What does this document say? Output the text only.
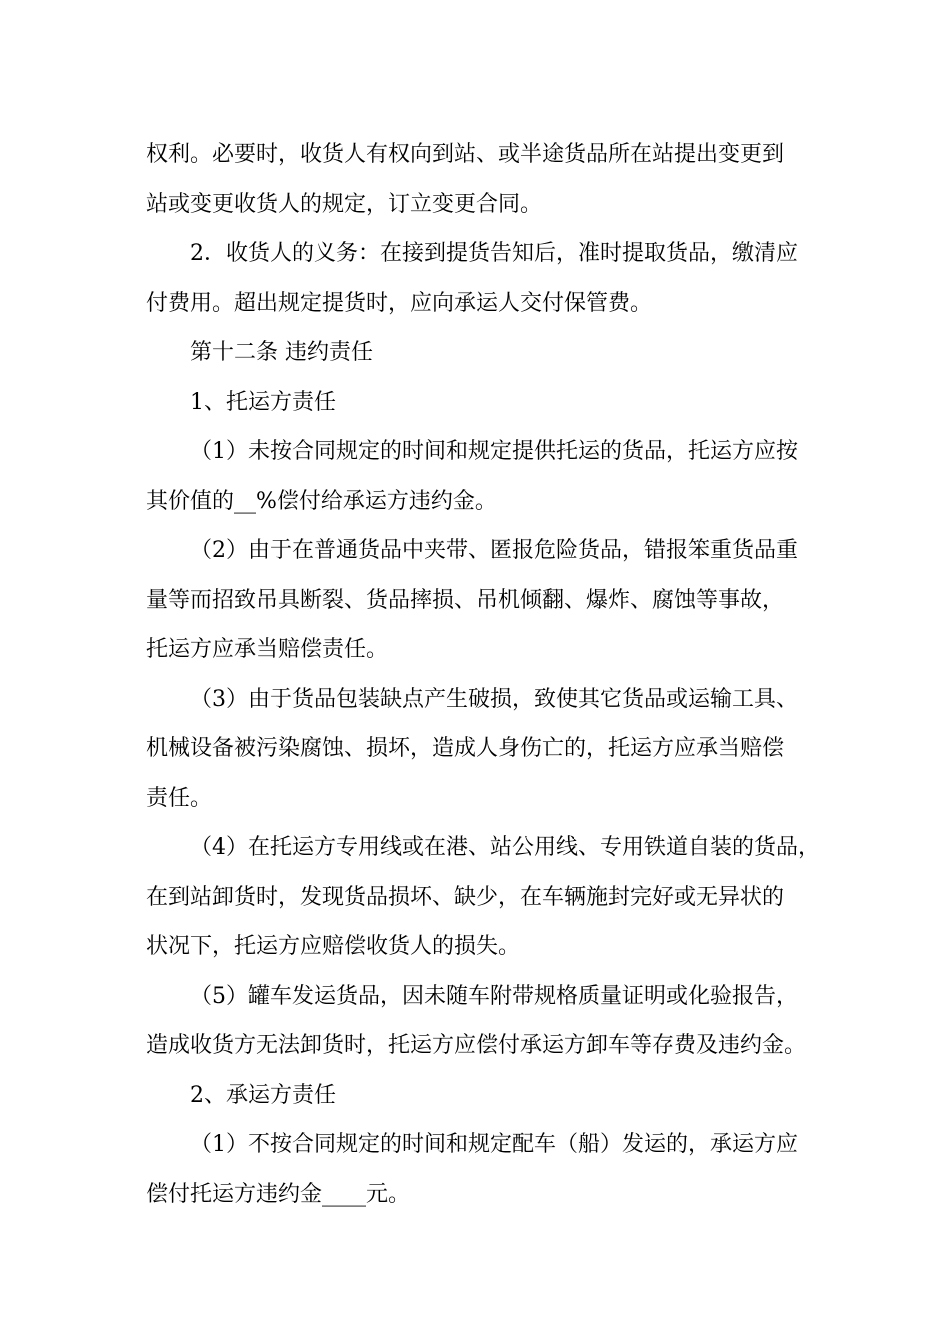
权利。必要时，收货人有权向到站、或半途货品所在站提出变更到
站或变更收货人的规定，订立变更合同。
2．收货人的义务：在接到提货告知后，准时提取货品，缴清应
付费用。超出规定提货时，应向承运人交付保管费。
第十二条 违约责任
1、托运方责任
（1）未按合同规定的时间和规定提供托运的货品，托运方应按
其价值的__%偿付给承运方违约金。
（2）由于在普通货品中夹带、匿报危险货品，错报笨重货品重
量等而招致吊具断裂、货品摔损、吊机倾翻、爆炸、腐蚀等事故，
托运方应承当赔偿责任。
（3）由于货品包装缺点产生破损，致使其它货品或运输工具、
机械设备被污染腐蚀、损坏，造成人身伤亡的，托运方应承当赔偿
责任。
（4）在托运方专用线或在港、站公用线、专用铁道自装的货品，
在到站卸货时，发现货品损坏、缺少，在车辆施封完好或无异状的
状况下，托运方应赔偿收货人的损失。
（5）罐车发运货品，因未随车附带规格质量证明或化验报告，
造成收货方无法卸货时，托运方应偿付承运方卸车等存费及违约金。
2、承运方责任
（1）不按合同规定的时间和规定配车（船）发运的，承运方应
偿付托运方违约金____元。
